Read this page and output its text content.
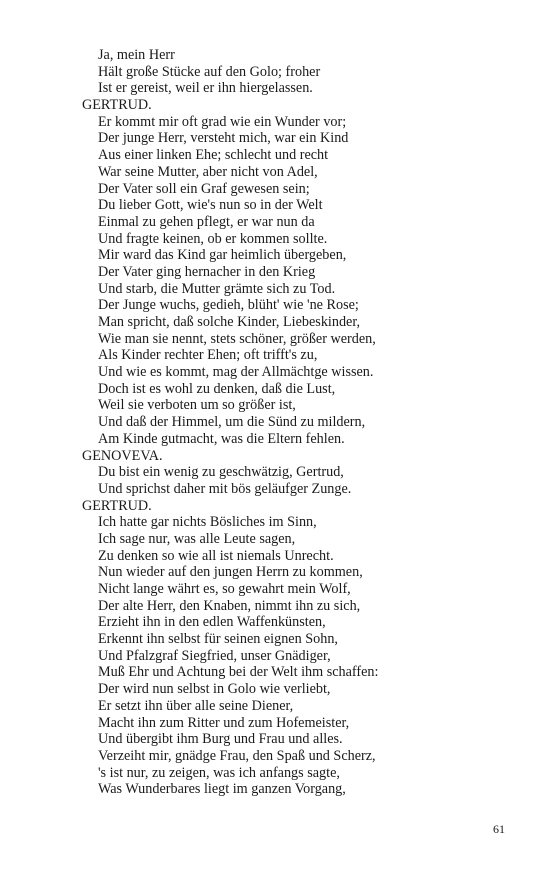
Ja, mein Herr
Hält große Stücke auf den Golo; froher
Ist er gereist, weil er ihn hiergelassen.
GERTRUD.
Er kommt mir oft grad wie ein Wunder vor;
Der junge Herr, versteht mich, war ein Kind
Aus einer linken Ehe; schlecht und recht
War seine Mutter, aber nicht von Adel,
Der Vater soll ein Graf gewesen sein;
Du lieber Gott, wie's nun so in der Welt
Einmal zu gehen pflegt, er war nun da
Und fragte keinen, ob er kommen sollte.
Mir ward das Kind gar heimlich übergeben,
Der Vater ging hernacher in den Krieg
Und starb, die Mutter grämte sich zu Tod.
Der Junge wuchs, gedieh, blüht' wie 'ne Rose;
Man spricht, daß solche Kinder, Liebeskinder,
Wie man sie nennt, stets schöner, größer werden,
Als Kinder rechter Ehen; oft trifft's zu,
Und wie es kommt, mag der Allmächtge wissen.
Doch ist es wohl zu denken, daß die Lust,
Weil sie verboten um so größer ist,
Und daß der Himmel, um die Sünd zu mildern,
Am Kinde gutmacht, was die Eltern fehlen.
GENOVEVA.
Du bist ein wenig zu geschwätzig, Gertrud,
Und sprichst daher mit bös geläufger Zunge.
GERTRUD.
Ich hatte gar nichts Bösliches im Sinn,
Ich sage nur, was alle Leute sagen,
Zu denken so wie all ist niemals Unrecht.
Nun wieder auf den jungen Herrn zu kommen,
Nicht lange währt es, so gewahrt mein Wolf,
Der alte Herr, den Knaben, nimmt ihn zu sich,
Erzieht ihn in den edlen Waffenkünsten,
Erkennt ihn selbst für seinen eignen Sohn,
Und Pfalzgraf Siegfried, unser Gnädiger,
Muß Ehr und Achtung bei der Welt ihm schaffen:
Der wird nun selbst in Golo wie verliebt,
Er setzt ihn über alle seine Diener,
Macht ihn zum Ritter und zum Hofemeister,
Und übergibt ihm Burg und Frau und alles.
Verzeiht mir, gnädge Frau, den Spaß und Scherz,
's ist nur, zu zeigen, was ich anfangs sagte,
Was Wunderbares liegt im ganzen Vorgang,
61
